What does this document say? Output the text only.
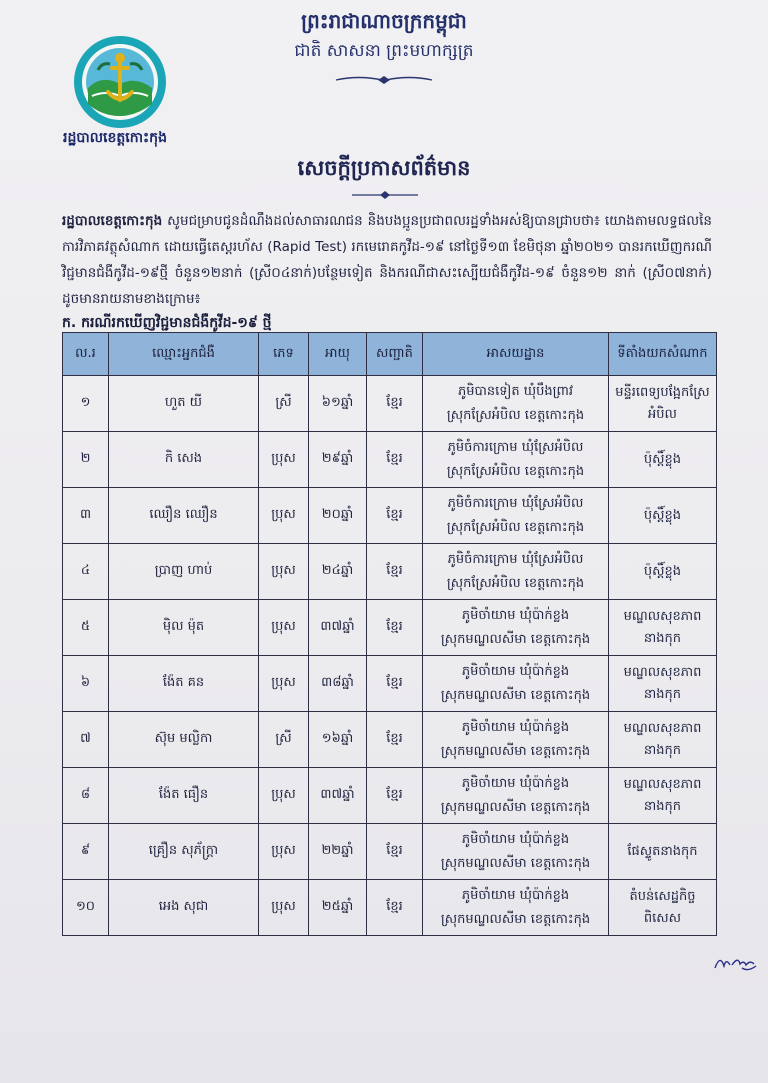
ព្រះរាជាណាចក្រកម្ពុជា
ជាតិ សាសនា ព្រះមហាក្សត្រ
រដ្ឋបាលខេត្តកោះកុង
សេចក្តីប្រកាសព័ត៌មាន
រដ្ឋបាលខេត្តកោះកុង សូមជម្រាបជូនដំណឹងដល់សាធារណជន និងបងប្អូនប្រជាពលរដ្ឋទាំងអស់ឱ្យបានជ្រាបថា៖ យោងតាមលទ្ធផលនៃការវិភាគវត្ថុសំណាក ដោយធ្វើតេស្តរហ័ស (Rapid Test) រកមេរោគកូវីដ-១៩ នៅថ្ងៃទី១៣ ខែមិថុនា ឆ្នាំ២០២១ បានរកឃើញករណីវិជ្ជមានជំងឺកូវីដ-១៩ថ្មី ចំនួន១២នាក់ (ស្រី០៤នាក់)បន្ថែមទៀត និងករណីជាសះស្បើយជំងឺកូវីដ-១៩ ចំនួន១២ នាក់ (ស្រី០៧នាក់) ដូចមានរាយនាមខាងក្រោម៖
ក. ករណីរកឃើញវិជ្ជមានជំងឺកូវីដ-១៩ ថ្មី
ល.រ	ឈ្មោះអ្នកជំងឺ	ភេទ	អាយុ	សញ្ជាតិ	អាសយដ្ឋាន	ទីតាំងយកសំណាក
១	ហួត យី	ស្រី	៦១ឆ្នាំ	ខ្មែរ	ភូមិបានទៀត ឃុំបឹងព្រាវ
ស្រុកស្រែអំបិល ខេត្តកោះកុង	មន្ទីរពេទ្យបង្អែកស្រែអំបិល
២	កិ សេង	ប្រុស	២៩ឆ្នាំ	ខ្មែរ	ភូមិចំការក្រោម ឃុំស្រែអំបិល
ស្រុកស្រែអំបិល ខេត្តកោះកុង	ប៉ុស្តិ៍ខ្លុង
៣	ឈឿន ឈឿន	ប្រុស	២០ឆ្នាំ	ខ្មែរ	ភូមិចំការក្រោម ឃុំស្រែអំបិល
ស្រុកស្រែអំបិល ខេត្តកោះកុង	ប៉ុស្តិ៍ខ្លុង
៤	ប្រាញ ហាប់	ប្រុស	២៤ឆ្នាំ	ខ្មែរ	ភូមិចំការក្រោម ឃុំស្រែអំបិល
ស្រុកស្រែអំបិល ខេត្តកោះកុង	ប៉ុស្តិ៍ខ្លុង
៥	ម៉ិល ម៉ុត	ប្រុស	៣៧ឆ្នាំ	ខ្មែរ	ភូមិចាំយាម ឃុំប៉ាក់ខ្លង
ស្រុកមណ្ឌលសីមា ខេត្តកោះកុង	មណ្ឌលសុខភាពនាងកុក
៦	ង៉ែត គន	ប្រុស	៣៨ឆ្នាំ	ខ្មែរ	ភូមិចាំយាម ឃុំប៉ាក់ខ្លង
ស្រុកមណ្ឌលសីមា ខេត្តកោះកុង	មណ្ឌលសុខភាពនាងកុក
៧	ស៊ុម មល្លិកា	ស្រី	១៦ឆ្នាំ	ខ្មែរ	ភូមិចាំយាម ឃុំប៉ាក់ខ្លង
ស្រុកមណ្ឌលសីមា ខេត្តកោះកុង	មណ្ឌលសុខភាពនាងកុក
៨	ង៉ែត ធឿន	ប្រុស	៣៧ឆ្នាំ	ខ្មែរ	ភូមិចាំយាម ឃុំប៉ាក់ខ្លង
ស្រុកមណ្ឌលសីមា ខេត្តកោះកុង	មណ្ឌលសុខភាពនាងកុក
៩	គ្រឿន សុភ័ក្រ្តា	ប្រុស	២២ឆ្នាំ	ខ្មែរ	ភូមិចាំយាម ឃុំប៉ាក់ខ្លង
ស្រុកមណ្ឌលសីមា ខេត្តកោះកុង	ផែស្ទូតនាងកុក
១០	អេង សុជា	ប្រុស	២៥ឆ្នាំ	ខ្មែរ	ភូមិចាំយាម ឃុំប៉ាក់ខ្លង
ស្រុកមណ្ឌលសីមា ខេត្តកោះកុង	តំបន់សេដ្ឋកិច្ចពិសេស
